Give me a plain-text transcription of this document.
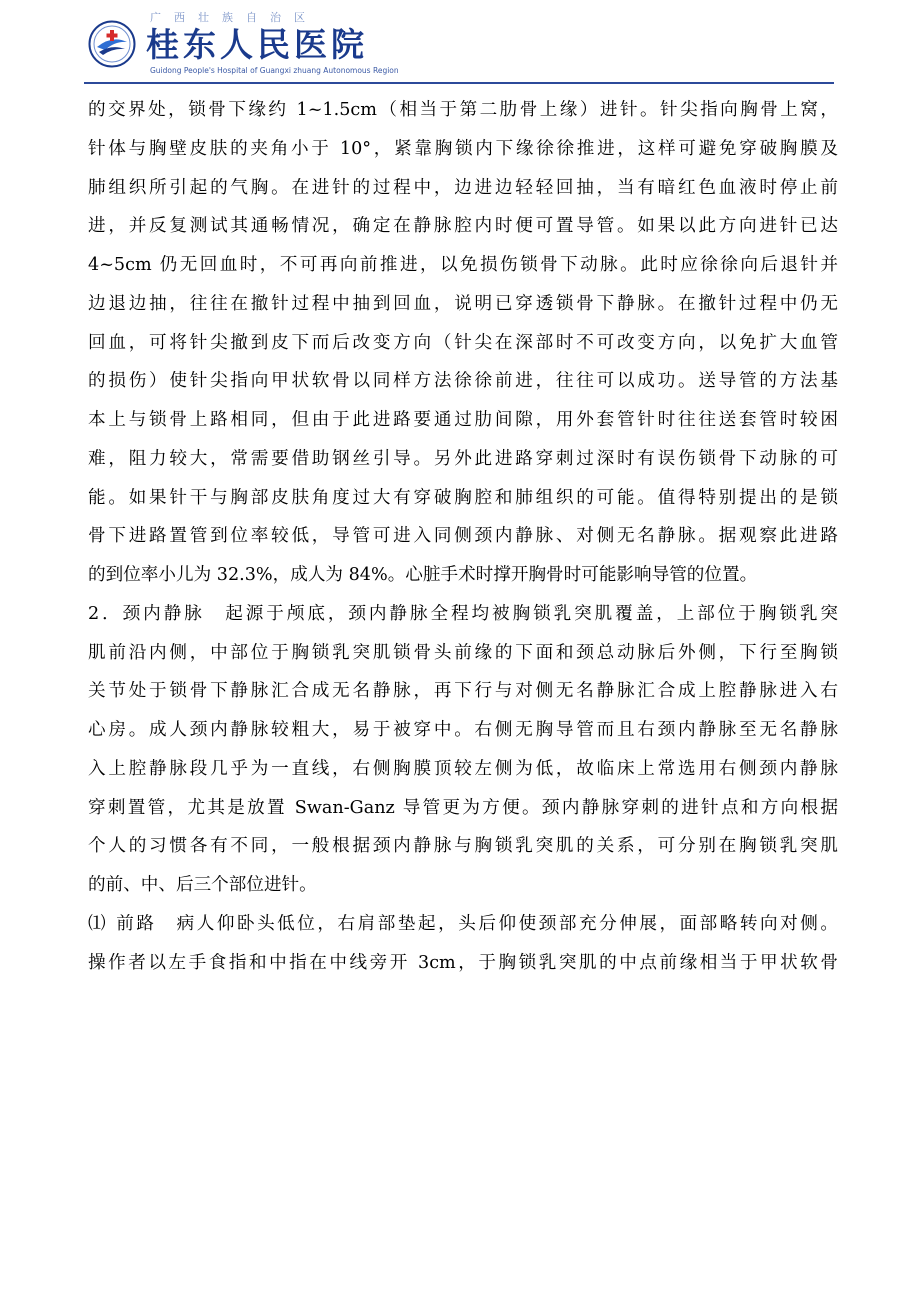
广西壮族自治区
桂东人民医院
Guidong People's Hospital of Guangxi zhuang Autonomous Region
的交界处，锁骨下缘约 1~1.5cm（相当于第二肋骨上缘）进针。针尖指向胸骨上窝，
针体与胸壁皮肤的夹角小于 10°，紧靠胸锁内下缘徐徐推进，这样可避免穿破胸膜及
肺组织所引起的气胸。在进针的过程中，边进边轻轻回抽，当有暗红色血液时停止前
进，并反复测试其通畅情况，确定在静脉腔内时便可置导管。如果以此方向进针已达
4~5cm 仍无回血时，不可再向前推进，以免损伤锁骨下动脉。此时应徐徐向后退针并
边退边抽，往往在撤针过程中抽到回血，说明已穿透锁骨下静脉。在撤针过程中仍无
回血，可将针尖撤到皮下而后改变方向（针尖在深部时不可改变方向，以免扩大血管
的损伤）使针尖指向甲状软骨以同样方法徐徐前进，往往可以成功。送导管的方法基
本上与锁骨上路相同，但由于此进路要通过肋间隙，用外套管针时往往送套管时较困
难，阻力较大，常需要借助钢丝引导。另外此进路穿刺过深时有误伤锁骨下动脉的可
能。如果针干与胸部皮肤角度过大有穿破胸腔和肺组织的可能。值得特别提出的是锁
骨下进路置管到位率较低，导管可进入同侧颈内静脉、对侧无名静脉。据观察此进路
的到位率小儿为 32.3%，成人为 84%。心脏手术时撑开胸骨时可能影响导管的位置。
2．颈内静脉　起源于颅底，颈内静脉全程均被胸锁乳突肌覆盖，上部位于胸锁乳突
肌前沿内侧，中部位于胸锁乳突肌锁骨头前缘的下面和颈总动脉后外侧，下行至胸锁
关节处于锁骨下静脉汇合成无名静脉，再下行与对侧无名静脉汇合成上腔静脉进入右
心房。成人颈内静脉较粗大，易于被穿中。右侧无胸导管而且右颈内静脉至无名静脉
入上腔静脉段几乎为一直线，右侧胸膜顶较左侧为低，故临床上常选用右侧颈内静脉
穿刺置管，尤其是放置 Swan-Ganz 导管更为方便。颈内静脉穿刺的进针点和方向根据
个人的习惯各有不同，一般根据颈内静脉与胸锁乳突肌的关系，可分别在胸锁乳突肌
的前、中、后三个部位进针。
⑴ 前路　病人仰卧头低位，右肩部垫起，头后仰使颈部充分伸展，面部略转向对侧。
操作者以左手食指和中指在中线旁开 3cm，于胸锁乳突肌的中点前缘相当于甲状软骨
